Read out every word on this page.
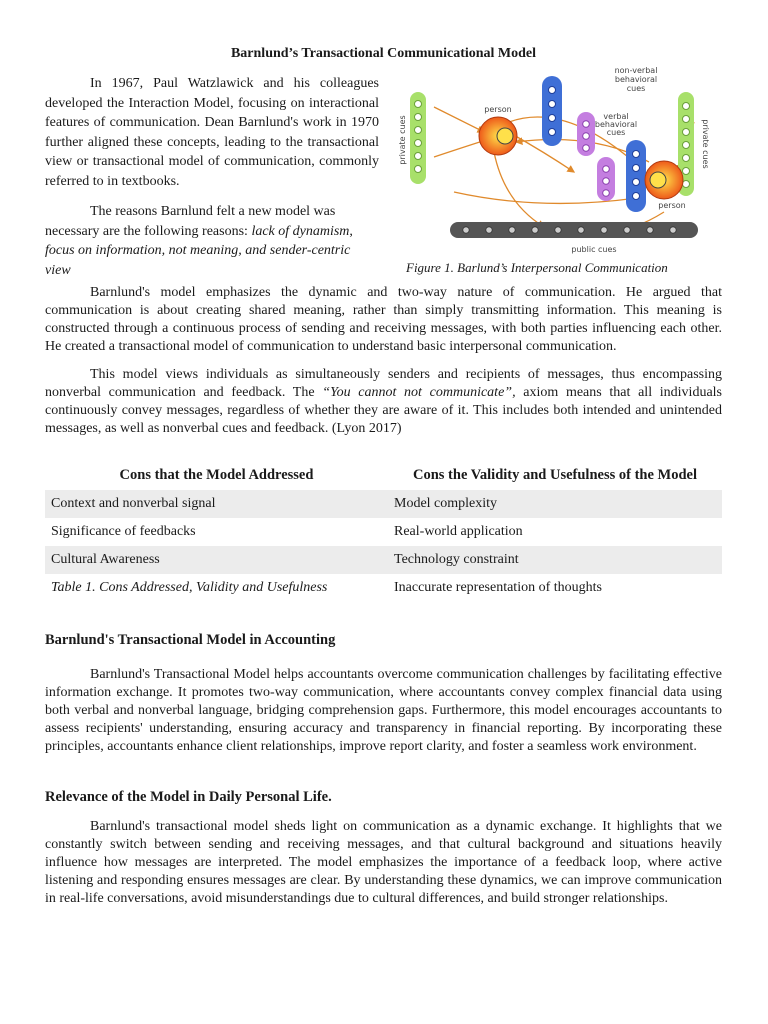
Barnlund’s Transactional Communicational Model

In 1967, Paul Watzlawick and his colleagues developed the Interaction Model, focusing on interactional features of communication. Dean Barnlund's work in 1970 further aligned these concepts, leading to the transactional view or transactional model of communication, commonly referred to in textbooks.

The reasons Barnlund felt a new model was necessary are the following reasons: lack of dynamism, focus on information, not meaning, and sender-centric view

non-verbal
behavioral
cues
verbal
behavioral
cues
person
person
private cues	private cues
public cues
Figure 1. Barlund’s Interpersonal Communication

Barnlund's model emphasizes the dynamic and two-way nature of communication. He argued that communication is about creating shared meaning, rather than simply transmitting information. This meaning is constructed through a continuous process of sending and receiving messages, with both parties influencing each other. He created a transactional model of communication to understand basic interpersonal communication.

This model views individuals as simultaneously senders and recipients of messages, thus encompassing nonverbal communication and feedback. The “You cannot not communicate”, axiom means that all individuals continuously convey messages, regardless of whether they are aware of it. This includes both intended and unintended messages, as well as nonverbal cues and feedback. (Lyon 2017)

Cons that the Model Addressed	Cons the Validity and Usefulness of the Model
Context and nonverbal signal	Model complexity
Significance of feedbacks	Real-world application
Cultural Awareness	Technology constraint
Table 1. Cons Addressed, Validity and Usefulness	Inaccurate representation of thoughts
Barnlund's Transactional Model in Accounting

Barnlund's Transactional Model helps accountants overcome communication challenges by facilitating effective information exchange. It promotes two-way communication, where accountants convey complex financial data using both verbal and nonverbal language, bridging comprehension gaps. Furthermore, this model encourages accountants to assess recipients' understanding, ensuring accuracy and transparency in financial reporting. By incorporating these principles, accountants enhance client relationships, improve report clarity, and foster a seamless work environment.

Relevance of the Model in Daily Personal Life.

Barnlund's transactional model sheds light on communication as a dynamic exchange. It highlights that we constantly switch between sending and receiving messages, and that cultural background and situations heavily influence how messages are interpreted. The model emphasizes the importance of a feedback loop, where active listening and responding ensures messages are clear. By understanding these dynamics, we can improve communication in real-life conversations, avoid misunderstandings due to cultural differences, and build stronger relationships.
